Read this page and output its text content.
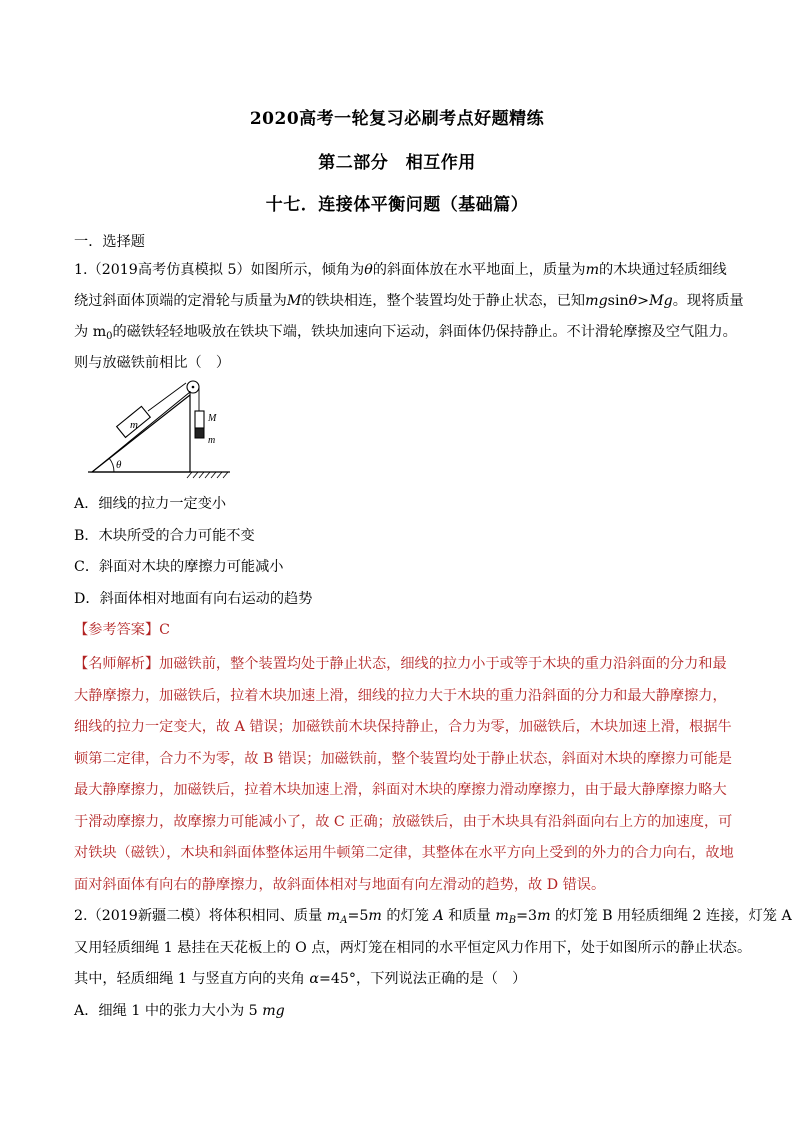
2020高考一轮复习必刷考点好题精练
第二部分　相互作用
十七．连接体平衡问题（基础篇）
一．选择题
1.（2019高考仿真模拟 5）如图所示，倾角为θ的斜面体放在水平地面上，质量为m的木块通过轻质细线
绕过斜面体顶端的定滑轮与质量为M的铁块相连，整个装置均处于静止状态，已知mgsinθ>Mg。现将质量
为 $m_0$的磁铁轻轻地吸放在铁块下端，铁块加速向下运动，斜面体仍保持静止。不计滑轮摩擦及空气阻力。
则与放磁铁前相比（　）
θ
m
M
m
A．细线的拉力一定变小
B．木块所受的合力可能不变
C．斜面对木块的摩擦力可能减小
D．斜面体相对地面有向右运动的趋势
【参考答案】C
【名师解析】加磁铁前，整个装置均处于静止状态，细线的拉力小于或等于木块的重力沿斜面的分力和最
大静摩擦力，加磁铁后，拉着木块加速上滑，细线的拉力大于木块的重力沿斜面的分力和最大静摩擦力，
细线的拉力一定变大，故 A 错误；加磁铁前木块保持静止，合力为零，加磁铁后，木块加速上滑，根据牛
顿第二定律，合力不为零，故 B 错误；加磁铁前，整个装置均处于静止状态，斜面对木块的摩擦力可能是
最大静摩擦力，加磁铁后，拉着木块加速上滑，斜面对木块的摩擦力滑动摩擦力，由于最大静摩擦力略大
于滑动摩擦力，故摩擦力可能减小了，故 C 正确；放磁铁后，由于木块具有沿斜面向右上方的加速度，可
对铁块（磁铁），木块和斜面体整体运用牛顿第二定律，其整体在水平方向上受到的外力的合力向右，故地
面对斜面体有向右的静摩擦力，故斜面体相对与地面有向左滑动的趋势，故 D 错误。
2.（2019新疆二模）将体积相同、质量 $m_A=5m$ 的灯笼 A 和质量 $m_B=3m$ 的灯笼 B 用轻质细绳 2 连接，灯笼 A
又用轻质细绳 1 悬挂在天花板上的 O 点，两灯笼在相同的水平恒定风力作用下，处于如图所示的静止状态。
其中，轻质细绳 1 与竖直方向的夹角 α=45°，下列说法正确的是（　）
A．细绳 1 中的张力大小为 5 mg
